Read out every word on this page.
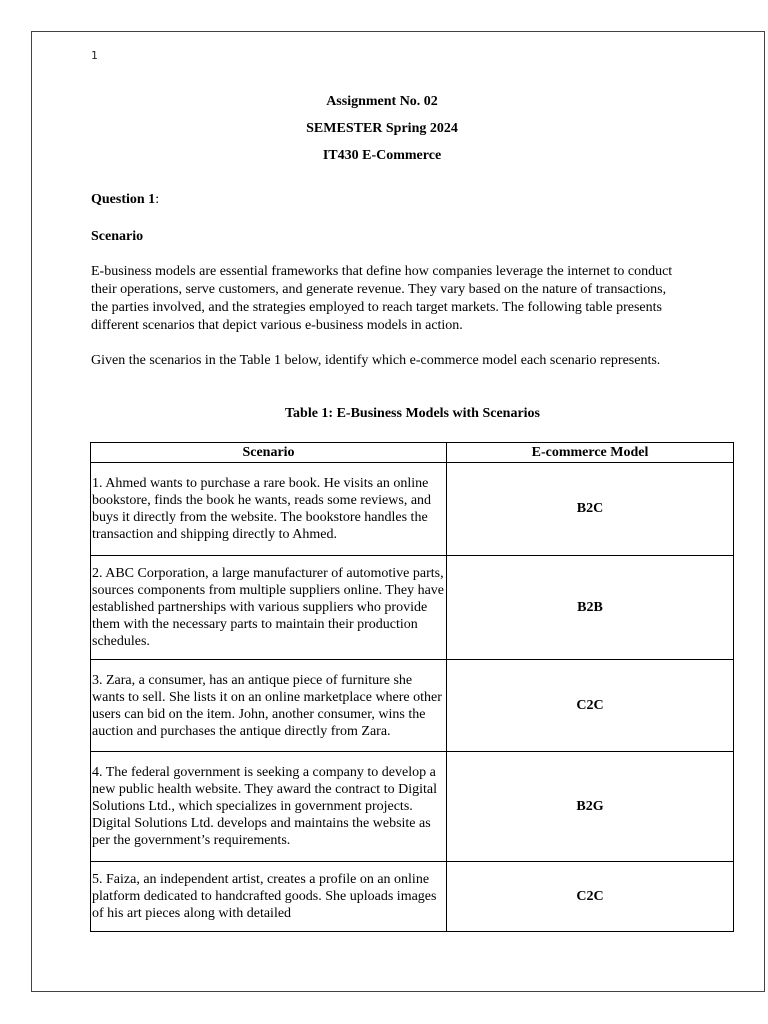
1
Assignment No. 02
SEMESTER Spring 2024
IT430 E-Commerce
Question 1:
Scenario

E-business models are essential frameworks that define how companies leverage the internet to conduct their operations, serve customers, and generate revenue. They vary based on the nature of transactions, the parties involved, and the strategies employed to reach target markets. The following table presents different scenarios that depict various e-business models in action.

Given the scenarios in the Table 1 below, identify which e-commerce model each scenario represents.

Table 1: E-Business Models with Scenarios
Scenario	E-commerce Model
1. Ahmed wants to purchase a rare book. He visits an online bookstore, finds the book he wants, reads some reviews, and buys it directly from the website. The bookstore handles the transaction and shipping directly to Ahmed.	B2C
2. ABC Corporation, a large manufacturer of automotive parts, sources components from multiple suppliers online. They have established partnerships with various suppliers who provide them with the necessary parts to maintain their production schedules.	B2B
3. Zara, a consumer, has an antique piece of furniture she wants to sell. She lists it on an online marketplace where other users can bid on the item. John, another consumer, wins the auction and purchases the antique directly from Zara.	C2C
4. The federal government is seeking a company to develop a new public health website. They award the contract to Digital Solutions Ltd., which specializes in government projects. Digital Solutions Ltd. develops and maintains the website as per the government’s requirements.	B2G
5. Faiza, an independent artist, creates a profile on an online platform dedicated to handcrafted goods. She uploads images of his art pieces along with detailed	C2C
